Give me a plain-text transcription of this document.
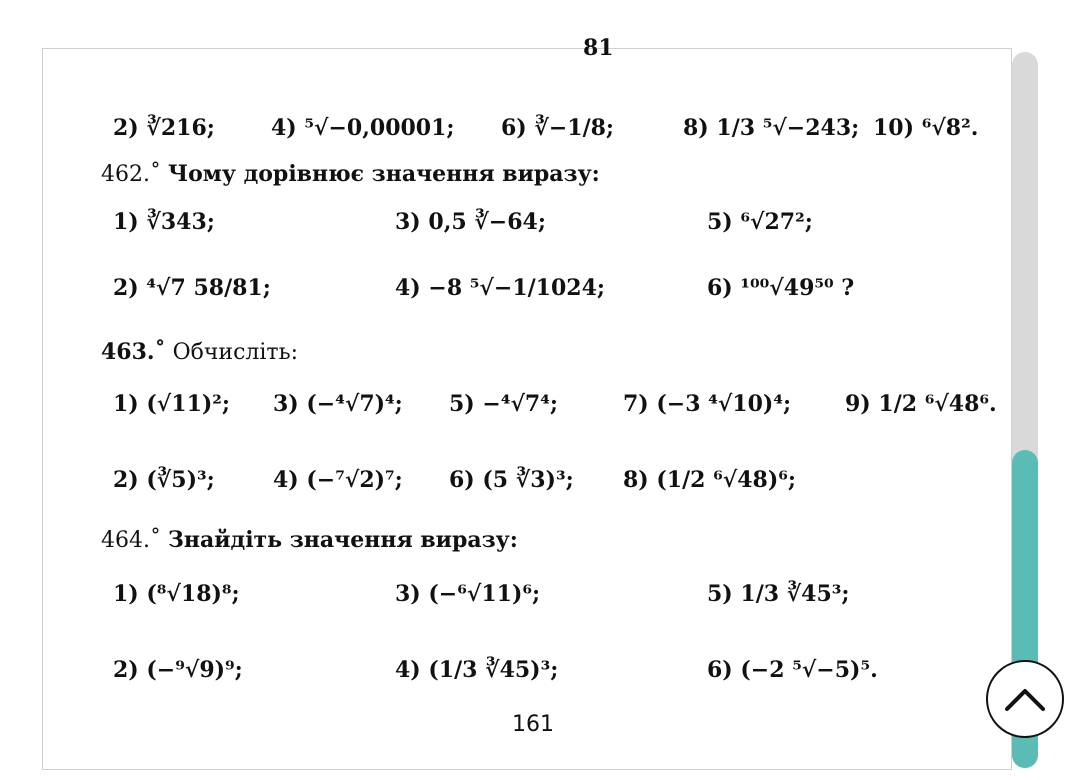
81
2) ∛216;	4) ⁵√−0,00001; 6) ∛−1/8;	8) 1/3 ⁵√−243; 10) ⁶√8².
462.˚ Чому дорівнює значення виразу:
1) ∛343;	3) 0,5 ∛−64;	5) ⁶√27²;
2) ⁴√7 58/81;	4) −8 ⁵√−1/1024;	6) ¹⁰⁰√49⁵⁰ ?
463.˚ Обчисліть:
1) (√11)²; 3) (−⁴√7)⁴; 5) −⁴√7⁴;	7) (−3 ⁴√10)⁴; 9) 1/2 ⁶√48⁶.
2) (∛5)³;	4) (−⁷√2)⁷; 6) (5 ∛3)³; 8) (1/2 ⁶√48)⁶;
464.˚ Знайдіть значення виразу:
1) (⁸√18)⁸;	3) (−⁶√11)⁶;	5) 1/3 ∛45³;
2) (−⁹√9)⁹;	4) (1/3 ∛45)³;	6) (−2 ⁵√−5)⁵.
161
